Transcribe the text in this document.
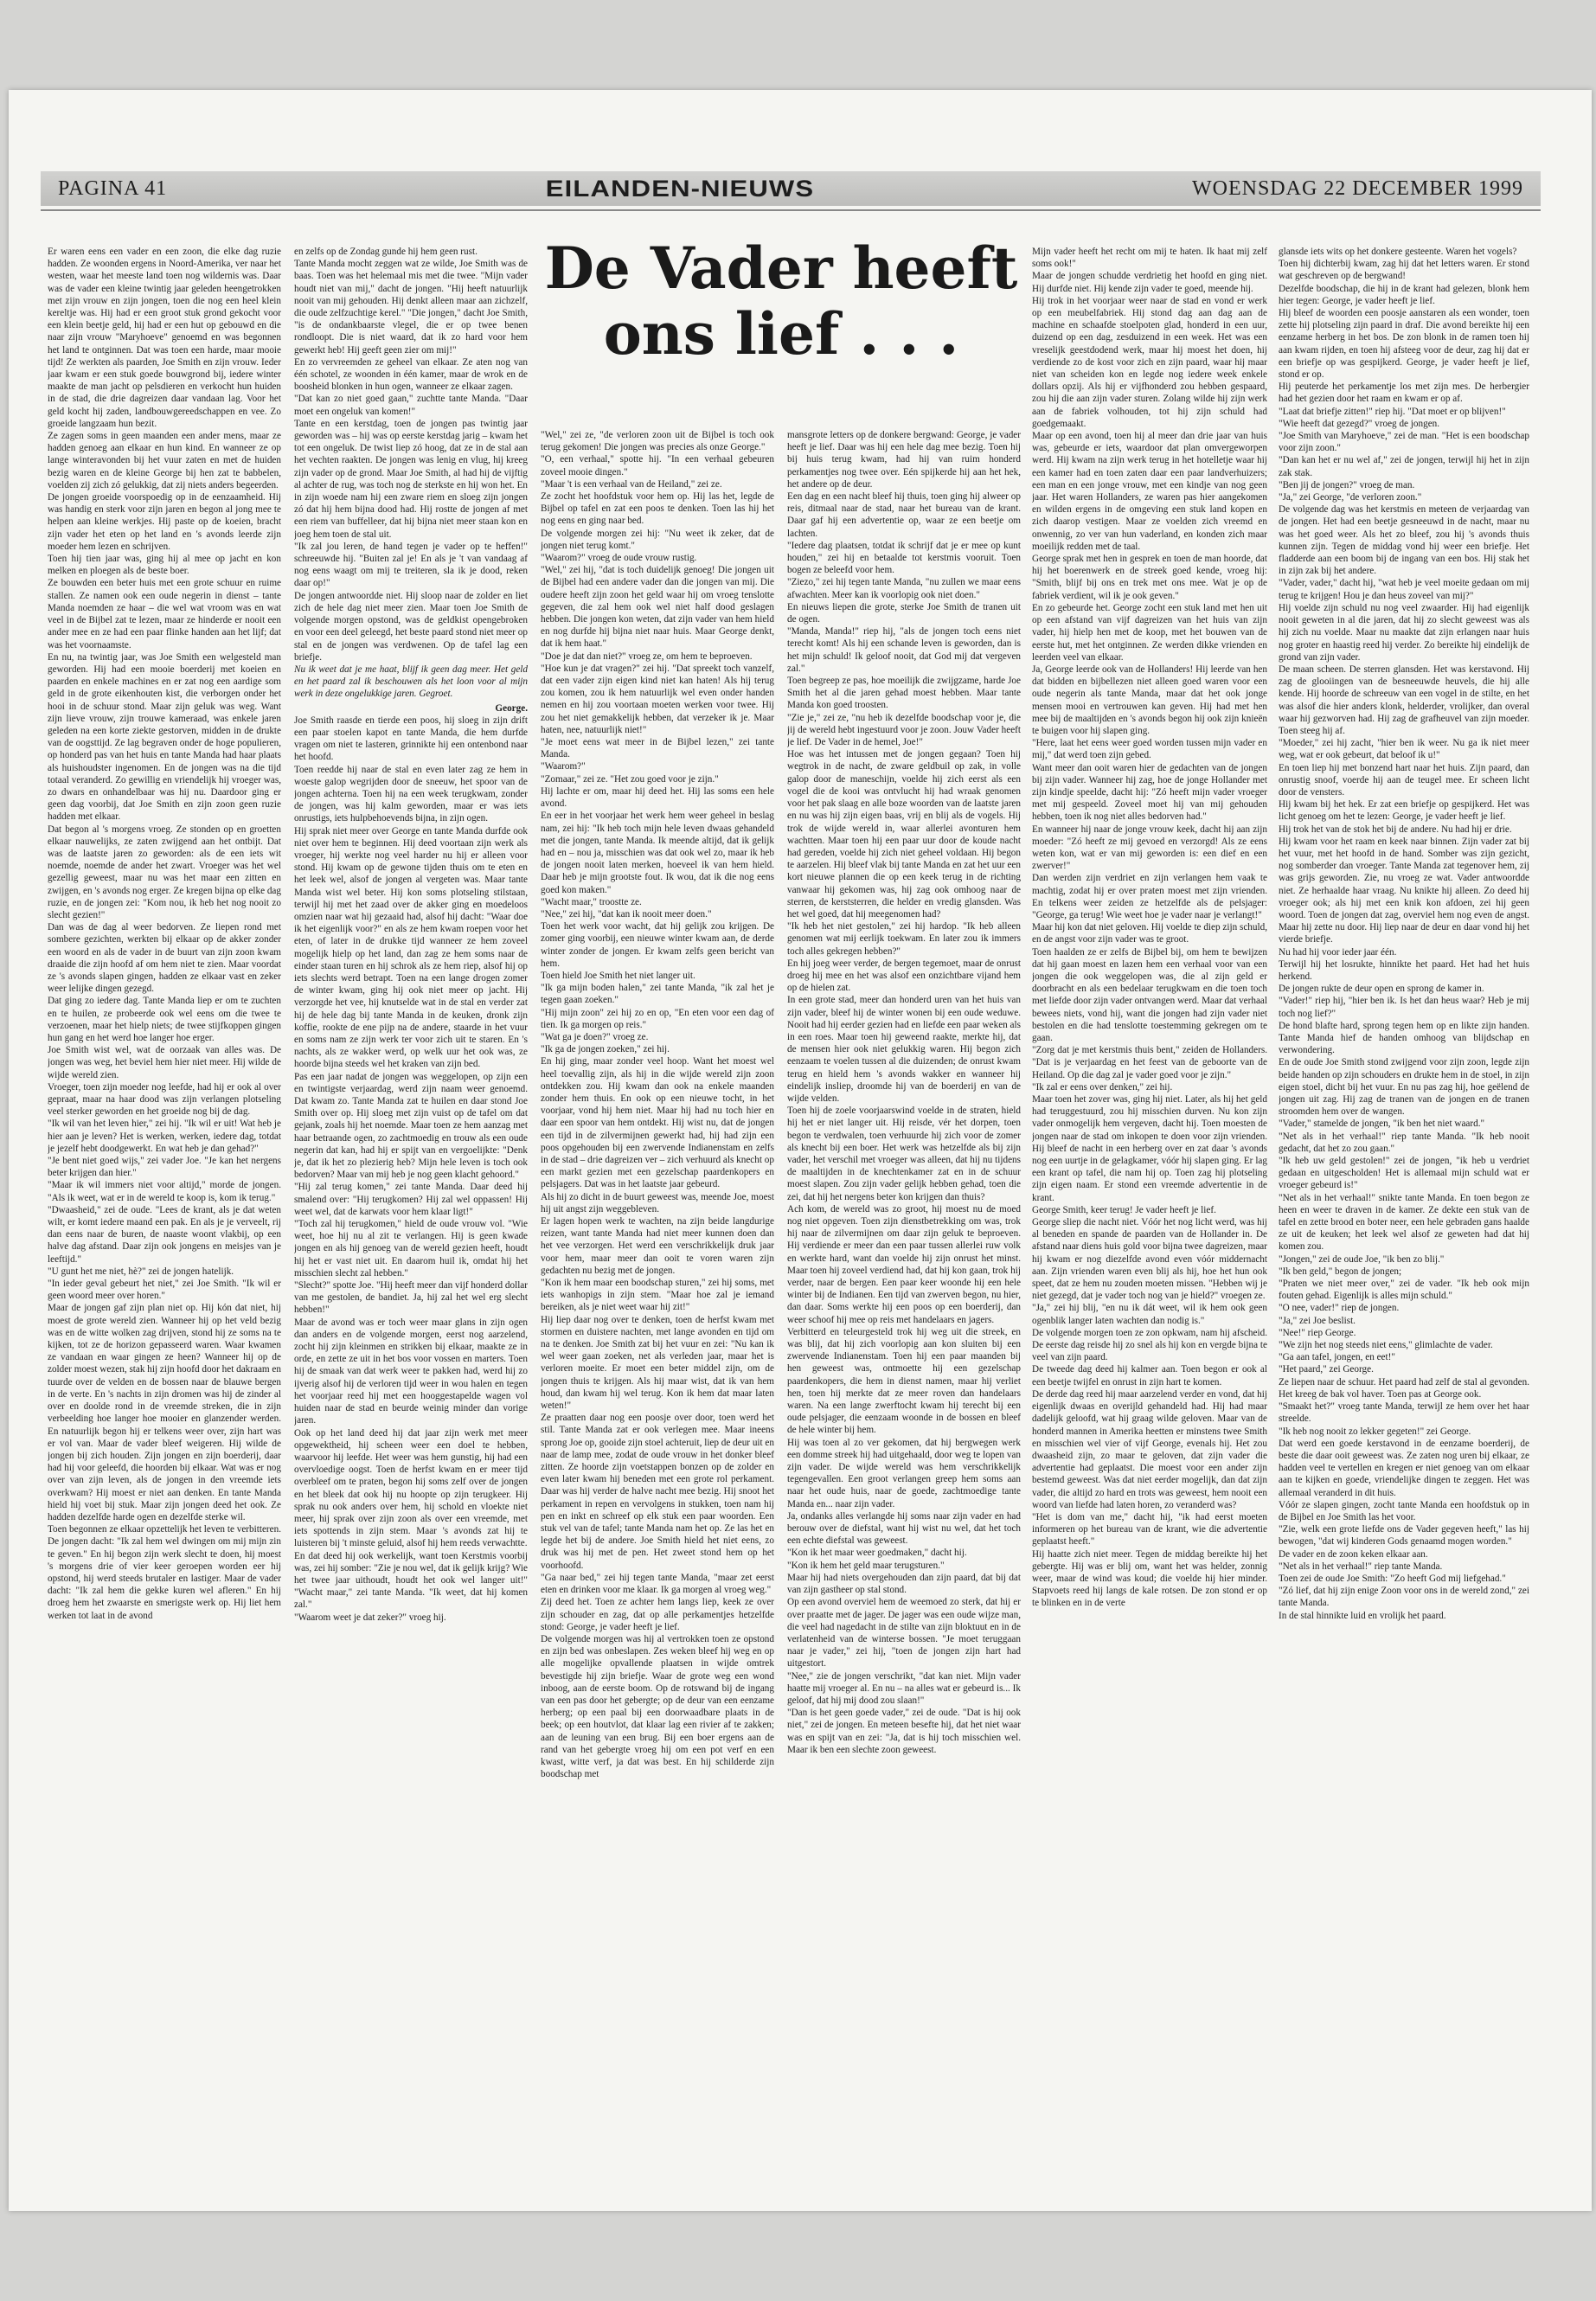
PAGINA 41	EILANDEN-NIEUWS	WOENSDAG 22 DECEMBER 1999
De Vader heeft ons lief . . .

Er waren eens een vader en een zoon, die elke dag ruzie hadden. Ze woonden ergens in Noord-Amerika, ver naar het westen, waar het meeste land toen nog wildernis was. Daar was de vader een kleine twintig jaar geleden heengetrokken met zijn vrouw en zijn jongen, toen die nog een heel klein kereltje was. Hij had er een groot stuk grond gekocht voor een klein beetje geld, hij had er een hut op gebouwd en die naar zijn vrouw "Maryhoeve" genoemd en was begonnen het land te ontginnen. Dat was toen een harde, maar mooie tijd! Ze werkten als paarden, Joe Smith en zijn vrouw. Ieder jaar kwam er een stuk goede bouwgrond bij, iedere winter maakte de man jacht op pelsdieren en verkocht hun huiden in de stad, die drie dagreizen daar vandaan lag. Voor het geld kocht hij zaden, landbouwgereedschappen en vee. Zo groeide langzaam hun bezit.

Ze zagen soms in geen maanden een ander mens, maar ze hadden genoeg aan elkaar en hun kind. En wanneer ze op lange winteravonden bij het vuur zaten en met de huiden bezig waren en de kleine George bij hen zat te babbelen, voelden zij zich zó gelukkig, dat zij niets anders begeerden.

De jongen groeide voorspoedig op in de eenzaamheid. Hij was handig en sterk voor zijn jaren en begon al jong mee te helpen aan kleine werkjes. Hij paste op de koeien, bracht zijn vader het eten op het land en 's avonds leerde zijn moeder hem lezen en schrijven.

Toen hij tien jaar was, ging hij al mee op jacht en kon melken en ploegen als de beste boer.

Ze bouwden een beter huis met een grote schuur en ruime stallen. Ze namen ook een oude negerin in dienst – tante Manda noemden ze haar – die wel wat vroom was en wat veel in de Bijbel zat te lezen, maar ze hinderde er nooit een ander mee en ze had een paar flinke handen aan het lijf; dat was het voornaamste.

En nu, na twintig jaar, was Joe Smith een welgesteld man geworden. Hij had een mooie boerderij met koeien en paarden en enkele machines en er zat nog een aardige som geld in de grote eikenhouten kist, die verborgen onder het hooi in de schuur stond. Maar zijn geluk was weg. Want zijn lieve vrouw, zijn trouwe kameraad, was enkele jaren geleden na een korte ziekte gestorven, midden in de drukte van de oogsttijd. Ze lag begraven onder de hoge populieren, op honderd pas van het huis en tante Manda had haar plaats als huishoudster ingenomen. En de jongen was na die tijd totaal veranderd. Zo gewillig en vriendelijk hij vroeger was, zo dwars en onhandelbaar was hij nu. Daardoor ging er geen dag voorbij, dat Joe Smith en zijn zoon geen ruzie hadden met elkaar.

Dat begon al 's morgens vroeg. Ze stonden op en groetten elkaar nauwelijks, ze zaten zwijgend aan het ontbijt. Dat was de laatste jaren zo geworden: als de een iets wit noemde, noemde de ander het zwart. Vroeger was het wel gezellig geweest, maar nu was het maar een zitten en zwijgen, en 's avonds nog erger. Ze kregen bijna op elke dag ruzie, en de jongen zei: "Kom nou, ik heb het nog nooit zo slecht gezien!"

Dan was de dag al weer bedorven. Ze liepen rond met sombere gezichten, werkten bij elkaar op de akker zonder een woord en als de vader in de buurt van zijn zoon kwam draaide die zijn hoofd af om hem niet te zien. Maar voordat ze 's avonds slapen gingen, hadden ze elkaar vast en zeker weer lelijke dingen gezegd.

Dat ging zo iedere dag. Tante Manda liep er om te zuchten en te huilen, ze probeerde ook wel eens om die twee te verzoenen, maar het hielp niets; de twee stijfkoppen gingen hun gang en het werd hoe langer hoe erger.

Joe Smith wist wel, wat de oorzaak van alles was. De jongen was weg, het beviel hem hier niet meer. Hij wilde de wijde wereld zien.

Vroeger, toen zijn moeder nog leefde, had hij er ook al over gepraat, maar na haar dood was zijn verlangen plotseling veel sterker geworden en het groeide nog bij de dag.

"Ik wil van het leven hier," zei hij. "Ik wil er uit! Wat heb je hier aan je leven? Het is werken, werken, iedere dag, totdat je jezelf hebt doodgewerkt. En wat heb je dan gehad?"

"Je bent niet goed wijs," zei vader Joe. "Je kan het nergens beter krijgen dan hier."

"Maar ik wil immers niet voor altijd," morde de jongen. "Als ik weet, wat er in de wereld te koop is, kom ik terug."

"Dwaasheid," zei de oude. "Lees de krant, als je dat weten wilt, er komt iedere maand een pak. En als je je verveelt, rij dan eens naar de buren, de naaste woont vlakbij, op een halve dag afstand. Daar zijn ook jongens en meisjes van je leeftijd."

"U gunt het me niet, hè?" zei de jongen hatelijk.

"In ieder geval gebeurt het niet," zei Joe Smith. "Ik wil er geen woord meer over horen."

Maar de jongen gaf zijn plan niet op. Hij kón dat niet, hij moest de grote wereld zien. Wanneer hij op het veld bezig was en de witte wolken zag drijven, stond hij ze soms na te kijken, tot ze de horizon gepasseerd waren. Waar kwamen ze vandaan en waar gingen ze heen? Wanneer hij op de zolder moest wezen, stak hij zijn hoofd door het dakraam en tuurde over de velden en de bossen naar de blauwe bergen in de verte. En 's nachts in zijn dromen was hij de zinder al over en doolde rond in de vreemde streken, die in zijn verbeelding hoe langer hoe mooier en glanzender werden. En natuurlijk begon hij er telkens weer over, zijn hart was er vol van. Maar de vader bleef weigeren. Hij wilde de jongen bij zich houden. Zijn jongen en zijn boerderij, daar had hij voor geleefd, die hoorden bij elkaar. Wat was er nog over van zijn leven, als de jongen in den vreemde iets overkwam? Hij moest er niet aan denken. En tante Manda hield hij voet bij stuk. Maar zijn jongen deed het ook. Ze hadden dezelfde harde ogen en dezelfde sterke wil.

Toen begonnen ze elkaar opzettelijk het leven te verbitteren. De jongen dacht: "Ik zal hem wel dwingen om mij mijn zin te geven." En hij begon zijn werk slecht te doen, hij moest 's morgens drie of vier keer geroepen worden eer hij opstond, hij werd steeds brutaler en lastiger. Maar de vader dacht: "Ik zal hem die gekke kuren wel afleren." En hij droeg hem het zwaarste en smerigste werk op. Hij liet hem werken tot laat in de avond

en zelfs op de Zondag gunde hij hem geen rust.

Tante Manda mocht zeggen wat ze wilde, Joe Smith was de baas. Toen was het helemaal mis met die twee. "Mijn vader houdt niet van mij," dacht de jongen. "Hij heeft natuurlijk nooit van mij gehouden. Hij denkt alleen maar aan zichzelf, die oude zelfzuchtige kerel." "Die jongen," dacht Joe Smith, "is de ondankbaarste vlegel, die er op twee benen rondloopt. Die is niet waard, dat ik zo hard voor hem gewerkt heb! Hij geeft geen zier om mij!"

En zo vervreemden ze geheel van elkaar. Ze aten nog van één schotel, ze woonden in één kamer, maar de wrok en de boosheid blonken in hun ogen, wanneer ze elkaar zagen.

"Dat kan zo niet goed gaan," zuchtte tante Manda. "Daar moet een ongeluk van komen!"

Tante en een kerstdag, toen de jongen pas twintig jaar geworden was – hij was op eerste kerstdag jarig – kwam het tot een ongeluk. De twist liep zó hoog, dat ze in de stal aan het vechten raakten. De jongen was lenig en vlug, hij kreeg zijn vader op de grond. Maar Joe Smith, al had hij de vijftig al achter de rug, was toch nog de sterkste en hij won het. En in zijn woede nam hij een zware riem en sloeg zijn jongen zó dat hij hem bijna dood had. Hij rostte de jongen af met een riem van buffelleer, dat hij bijna niet meer staan kon en joeg hem toen de stal uit.

"Ik zal jou leren, de hand tegen je vader op te heffen!" schreeuwde hij. "Buiten zal je! En als je 't van vandaag af nog eens waagt om mij te treiteren, sla ik je dood, reken daar op!"

De jongen antwoordde niet. Hij sloop naar de zolder en liet zich de hele dag niet meer zien. Maar toen Joe Smith de volgende morgen opstond, was de geldkist opengebroken en voor een deel geleegd, het beste paard stond niet meer op stal en de jongen was verdwenen. Op de tafel lag een briefje.

Nu ik weet dat je me haat, blijf ik geen dag meer. Het geld en het paard zal ik beschouwen als het loon voor al mijn werk in deze ongelukkige jaren. Gegroet.

George.

Joe Smith raasde en tierde een poos, hij sloeg in zijn drift een paar stoelen kapot en tante Manda, die hem durfde vragen om niet te lasteren, grinnikte hij een ontenbond naar het hoofd.

Toen reedde hij naar de stal en even later zag ze hem in woeste galop wegrijden door de sneeuw, het spoor van de jongen achterna. Toen hij na een week terugkwam, zonder de jongen, was hij kalm geworden, maar er was iets onrustigs, iets hulpbehoevends bijna, in zijn ogen.

Hij sprak niet meer over George en tante Manda durfde ook niet over hem te beginnen. Hij deed voortaan zijn werk als vroeger, hij werkte nog veel harder nu hij er alleen voor stond. Hij kwam op de gewone tijden thuis om te eten en het leek wel, alsof de jongen al vergeten was. Maar tante Manda wist wel beter. Hij kon soms plotseling stilstaan, terwijl hij met het zaad over de akker ging en moedeloos omzien naar wat hij gezaaid had, alsof hij dacht: "Waar doe ik het eigenlijk voor?" en als ze hem kwam roepen voor het eten, of later in de drukke tijd wanneer ze hem zoveel mogelijk hielp op het land, dan zag ze hem soms naar de einder staan turen en hij schrok als ze hem riep, alsof hij op iets slechts werd betrapt. Toen na een lange drogen zomer de winter kwam, ging hij ook niet meer op jacht. Hij verzorgde het vee, hij knutselde wat in de stal en verder zat hij de hele dag bij tante Manda in de keuken, dronk zijn koffie, rookte de ene pijp na de andere, staarde in het vuur en soms nam ze zijn werk ter voor zich uit te staren. En 's nachts, als ze wakker werd, op welk uur het ook was, ze hoorde bijna steeds wel het kraken van zijn bed.

Pas een jaar nadat de jongen was weggelopen, op zijn een en twintigste verjaardag, werd zijn naam weer genoemd. Dat kwam zo. Tante Manda zat te huilen en daar stond Joe Smith over op. Hij sloeg met zijn vuist op de tafel om dat gejank, zoals hij het noemde. Maar toen ze hem aanzag met haar betraande ogen, zo zachtmoedig en trouw als een oude negerin dat kan, had hij er spijt van en vergoelijkte: "Denk je, dat ik het zo plezierig heb? Mijn hele leven is toch ook bedorven? Maar van mij heb je nog geen klacht gehoord."

"Hij zal terug komen," zei tante Manda. Daar deed hij smalend over: "Hij terugkomen? Hij zal wel oppassen! Hij weet wel, dat de karwats voor hem klaar ligt!"

"Toch zal hij terugkomen," hield de oude vrouw vol. "Wie weet, hoe hij nu al zit te verlangen. Hij is geen kwade jongen en als hij genoeg van de wereld gezien heeft, houdt hij het er vast niet uit. En daarom huil ik, omdat hij het misschien slecht zal hebben."

"Slecht?" spotte Joe. "Hij heeft meer dan vijf honderd dollar van me gestolen, de bandiet. Ja, hij zal het wel erg slecht hebben!"

Maar de avond was er toch weer maar glans in zijn ogen dan anders en de volgende morgen, eerst nog aarzelend, zocht hij zijn kleinmen en strikken bij elkaar, maakte ze in orde, en zette ze uit in het bos voor vossen en marters. Toen hij de smaak van dat werk weer te pakken had, werd hij zo ijverig alsof hij de verloren tijd weer in wou halen en tegen het voorjaar reed hij met een hooggestapelde wagen vol huiden naar de stad en beurde weinig minder dan vorige jaren.

Ook op het land deed hij dat jaar zijn werk met meer opgewektheid, hij scheen weer een doel te hebben, waarvoor hij leefde. Het weer was hem gunstig, hij had een overvloedige oogst. Toen de herfst kwam en er meer tijd overbleef om te praten, begon hij soms zelf over de jongen en het bleek dat ook hij nu hoopte op zijn terugkeer. Hij sprak nu ook anders over hem, hij schold en vloekte niet meer, hij sprak over zijn zoon als over een vreemde, met iets spottends in zijn stem. Maar 's avonds zat hij te luisteren bij 't minste geluid, alsof hij hem reeds verwachtte.

En dat deed hij ook werkelijk, want toen Kerstmis voorbij was, zei hij somber: "Zie je nou wel, dat ik gelijk krijg? Wie het twee jaar uithoudt, houdt het ook wel langer uit!" "Wacht maar," zei tante Manda. "Ik weet, dat hij komen zal."

"Waarom weet je dat zeker?" vroeg hij.

"Wel," zei ze, "de verloren zoon uit de Bijbel is toch ook terug gekomen! Die jongen was precies als onze George."

"O, een verhaal," spotte hij. "In een verhaal gebeuren zoveel mooie dingen."

"Maar 't is een verhaal van de Heiland," zei ze.

Ze zocht het hoofdstuk voor hem op. Hij las het, legde de Bijbel op tafel en zat een poos te denken. Toen las hij het nog eens en ging naar bed.

De volgende morgen zei hij: "Nu weet ik zeker, dat de jongen niet terug komt."

"Waarom?" vroeg de oude vrouw rustig.

"Wel," zei hij, "dat is toch duidelijk genoeg! Die jongen uit de Bijbel had een andere vader dan die jongen van mij. Die oudere heeft zijn zoon het geld waar hij om vroeg tenslotte gegeven, die zal hem ook wel niet half dood geslagen hebben. Die jongen kon weten, dat zijn vader van hem hield en nog durfde hij bijna niet naar huis. Maar George denkt, dat ik hem haat."

"Doe je dat dan niet?" vroeg ze, om hem te beproeven.

"Hoe kun je dat vragen?" zei hij. "Dat spreekt toch vanzelf, dat een vader zijn eigen kind niet kan haten! Als hij terug zou komen, zou ik hem natuurlijk wel even onder handen nemen en hij zou voortaan moeten werken voor twee. Hij zou het niet gemakkelijk hebben, dat verzeker ik je. Maar haten, nee, natuurlijk niet!"

"Je moet eens wat meer in de Bijbel lezen," zei tante Manda.

"Waarom?"

"Zomaar," zei ze. "Het zou goed voor je zijn."

Hij lachte er om, maar hij deed het. Hij las soms een hele avond.

En eer in het voorjaar het werk hem weer geheel in beslag nam, zei hij: "Ik heb toch mijn hele leven dwaas gehandeld met die jongen, tante Manda. Ik meende altijd, dat ik gelijk had en – nou ja, misschien was dat ook wel zo, maar ik heb de jongen nooit laten merken, hoeveel ik van hem hield. Daar heb je mijn grootste fout. Ik wou, dat ik die nog eens goed kon maken."

"Wacht maar," troostte ze.

"Nee," zei hij, "dat kan ik nooit meer doen."

Toen het werk voor wacht, dat hij gelijk zou krijgen. De zomer ging voorbij, een nieuwe winter kwam aan, de derde winter zonder de jongen. Er kwam zelfs geen bericht van hem.

Toen hield Joe Smith het niet langer uit.

"Ik ga mijn boden halen," zei tante Manda, "ik zal het je tegen gaan zoeken."

"Hij mijn zoon" zei hij zo en op, "En eten voor een dag of tien. Ik ga morgen op reis."

"Wat ga je doen?" vroeg ze.

"Ik ga de jongen zoeken," zei hij.

En hij ging, maar zonder veel hoop. Want het moest wel heel toevallig zijn, als hij in die wijde wereld zijn zoon ontdekken zou. Hij kwam dan ook na enkele maanden zonder hem thuis. En ook op een nieuwe tocht, in het voorjaar, vond hij hem niet. Maar hij had nu toch hier en daar een spoor van hem ontdekt. Hij wist nu, dat de jongen een tijd in de zilvermijnen gewerkt had, hij had zijn een poos opgehouden bij een zwervende Indianenstam en zelfs in de stad – drie dagreizen ver – zich verhuurd als knecht op een markt gezien met een gezelschap paardenkopers en pelsjagers. Dat was in het laatste jaar gebeurd.

Als hij zo dicht in de buurt geweest was, meende Joe, moest hij uit angst zijn weggebleven.

Er lagen hopen werk te wachten, na zijn beide langdurige reizen, want tante Manda had niet meer kunnen doen dan het vee verzorgen. Het werd een verschrikkelijk druk jaar voor hem, maar meer dan ooit te voren waren zijn gedachten nu bezig met de jongen.

"Kon ik hem maar een boodschap sturen," zei hij soms, met iets wanhopigs in zijn stem. "Maar hoe zal je iemand bereiken, als je niet weet waar hij zit!"

Hij liep daar nog over te denken, toen de herfst kwam met stormen en duistere nachten, met lange avonden en tijd om na te denken. Joe Smith zat bij het vuur en zei: "Nu kan ik wel weer gaan zoeken, net als verleden jaar, maar het is verloren moeite. Er moet een beter middel zijn, om de jongen thuis te krijgen. Als hij maar wist, dat ik van hem houd, dan kwam hij wel terug. Kon ik hem dat maar laten weten!"

Ze praatten daar nog een poosje over door, toen werd het stil. Tante Manda zat er ook verlegen mee. Maar ineens sprong Joe op, gooide zijn stoel achteruit, liep de deur uit en naar de lamp mee, zodat de oude vrouw in het donker bleef zitten. Ze hoorde zijn voetstappen bonzen op de zolder en even later kwam hij beneden met een grote rol perkament. Daar was hij verder de halve nacht mee bezig. Hij snoot het perkament in repen en vervolgens in stukken, toen nam hij pen en inkt en schreef op elk stuk een paar woorden. Een stuk vel van de tafel; tante Manda nam het op. Ze las het en legde het bij de andere. Joe Smith hield het niet eens, zo druk was hij met de pen. Het zweet stond hem op het voorhoofd.

"Ga naar bed," zei hij tegen tante Manda, "maar zet eerst eten en drinken voor me klaar. Ik ga morgen al vroeg weg."

Zij deed het. Toen ze achter hem langs liep, keek ze over zijn schouder en zag, dat op alle perkamentjes hetzelfde stond: George, je vader heeft je lief.

De volgende morgen was hij al vertrokken toen ze opstond en zijn bed was onbeslapen. Zes weken bleef hij weg en op alle mogelijke opvallende plaatsen in wijde omtrek bevestigde hij zijn briefje. Waar de grote weg een wond inboog, aan de eerste boom. Op de rotswand bij de ingang van een pas door het gebergte; op de deur van een eenzame herberg; op een paal bij een doorwaadbare plaats in de beek; op een houtvlot, dat klaar lag een rivier af te zakken; aan de leuning van een brug. Bij een boer ergens aan de rand van het gebergte vroeg hij om een pot verf en een kwast, witte verf, ja dat was best. En hij schilderde zijn boodschap met

mansgrote letters op de donkere bergwand: George, je vader heeft je lief. Daar was hij een hele dag mee bezig. Toen hij bij huis terug kwam, had hij van ruim honderd perkamentjes nog twee over. Eén spijkerde hij aan het hek, het andere op de deur.

Een dag en een nacht bleef hij thuis, toen ging hij alweer op reis, ditmaal naar de stad, naar het bureau van de krant. Daar gaf hij een advertentie op, waar ze een beetje om lachten.

"Iedere dag plaatsen, totdat ik schrijf dat je er mee op kunt houden," zei hij en betaalde tot kerstmis vooruit. Toen bogen ze beleefd voor hem.

"Ziezo," zei hij tegen tante Manda, "nu zullen we maar eens afwachten. Meer kan ik voorlopig ook niet doen."

En nieuws liepen die grote, sterke Joe Smith de tranen uit de ogen.

"Manda, Manda!" riep hij, "als de jongen toch eens niet terecht komt! Als hij een schande leven is geworden, dan is het mijn schuld! Ik geloof nooit, dat God mij dat vergeven zal."

Toen begreep ze pas, hoe moeilijk die zwijgzame, harde Joe Smith het al die jaren gehad moest hebben. Maar tante Manda kon goed troosten.

"Zie je," zei ze, "nu heb ik dezelfde boodschap voor je, die jij de wereld hebt ingestuurd voor je zoon. Jouw Vader heeft je lief. De Vader in de hemel, Joe!"

Hoe was het intussen met de jongen gegaan? Toen hij wegtrok in de nacht, de zware geldbuil op zak, in volle galop door de maneschijn, voelde hij zich eerst als een vogel die de kooi was ontvlucht hij had wraak genomen voor het pak slaag en alle boze woorden van de laatste jaren en nu was hij zijn eigen baas, vrij en blij als de vogels. Hij trok de wijde wereld in, waar allerlei avonturen hem wachtten. Maar toen hij een paar uur door de koude nacht had gereden, voelde hij zich niet geheel voldaan. Hij begon te aarzelen. Hij bleef vlak bij tante Manda en zat het uur een kort nieuwe plannen die op een keek terug in de richting vanwaar hij gekomen was, hij zag ook omhoog naar de sterren, de kerststerren, die helder en vredig glansden. Was het wel goed, dat hij meegenomen had?

"Ik heb het niet gestolen," zei hij hardop. "Ik heb alleen genomen wat mij eerlijk toekwam. En later zou ik immers toch alles gekregen hebben?"

En hij joeg weer verder, de bergen tegemoet, maar de onrust droeg hij mee en het was alsof een onzichtbare vijand hem op de hielen zat.

In een grote stad, meer dan honderd uren van het huis van zijn vader, bleef hij de winter wonen bij een oude weduwe. Nooit had hij eerder gezien had en liefde een paar weken als in een roes. Maar toen hij geweend raakte, merkte hij, dat de mensen hier ook niet gelukkig waren. Hij begon zich eenzaam te voelen tussen al die duizenden; de onrust kwam terug en hield hem 's avonds wakker en wanneer hij eindelijk insliep, droomde hij van de boerderij en van de wijde velden.

Toen hij de zoele voorjaarswind voelde in de straten, hield hij het er niet langer uit. Hij reisde, vér het dorpen, toen begon te verdwalen, toen verhuurde hij zich voor de zomer als knecht bij een boer. Het werk was hetzelfde als bij zijn vader, het verschil met vroeger was alleen, dat hij nu tijdens de maaltijden in de knechtenkamer zat en in de schuur moest slapen. Zou zijn vader gelijk hebben gehad, toen die zei, dat hij het nergens beter kon krijgen dan thuis?

Ach kom, de wereld was zo groot, hij moest nu de moed nog niet opgeven. Toen zijn dienstbetrekking om was, trok hij naar de zilvermijnen om daar zijn geluk te beproeven. Hij verdiende er meer dan een paar tussen allerlei ruw volk en werkte hard, want dan voelde hij zijn onrust het minst. Maar toen hij zoveel verdiend had, dat hij kon gaan, trok hij verder, naar de bergen. Een paar keer woonde hij een hele winter bij de Indianen. Een tijd van zwerven begon, nu hier, dan daar. Soms werkte hij een poos op een boerderij, dan weer schoof hij mee op reis met handelaars en jagers.

Verbitterd en teleurgesteld trok hij weg uit die streek, en was blij, dat hij zich voorlopig aan kon sluiten bij een zwervende Indianenstam. Toen hij een paar maanden bij hen geweest was, ontmoette hij een gezelschap paardenkopers, die hem in dienst namen, maar hij verliet hen, toen hij merkte dat ze meer roven dan handelaars waren. Na een lange zwerftocht kwam hij terecht bij een oude pelsjager, die eenzaam woonde in de bossen en bleef de hele winter bij hem.

Hij was toen al zo ver gekomen, dat hij bergwegen werk een domme streek hij had uitgehaald, door weg te lopen van zijn vader. De wijde wereld was hem verschrikkelijk tegengevallen. Een groot verlangen greep hem soms aan naar het oude huis, naar de goede, zachtmoedige tante Manda en... naar zijn vader.

Ja, ondanks alles verlangde hij soms naar zijn vader en had berouw over de diefstal, want hij wist nu wel, dat het toch een echte diefstal was geweest.

"Kon ik het maar weer goedmaken," dacht hij.

"Kon ik hem het geld maar terugsturen."

Maar hij had niets overgehouden dan zijn paard, dat bij dat van zijn gastheer op stal stond.

Op een avond overviel hem de weemoed zo sterk, dat hij er over praatte met de jager. De jager was een oude wijze man, die veel had nagedacht in de stilte van zijn bloktuut en in de verlatenheid van de winterse bossen. "Je moet teruggaan naar je vader," zei hij, "toen de jongen zijn hart had uitgestort.

"Nee," zie de jongen verschrikt, "dat kan niet. Mijn vader haatte mij vroeger al. En nu – na alles wat er gebeurd is... Ik geloof, dat hij mij dood zou slaan!"

"Dan is het geen goede vader," zei de oude. "Dat is hij ook niet," zei de jongen. En meteen besefte hij, dat het niet waar was en spijt van en zei: "Ja, dat is hij toch misschien wel. Maar ik ben een slechte zoon geweest.

Mijn vader heeft het recht om mij te haten. Ik haat mij zelf soms ook!"

Maar de jongen schudde verdrietig het hoofd en ging niet. Hij durfde niet. Hij kende zijn vader te goed, meende hij.

Hij trok in het voorjaar weer naar de stad en vond er werk op een meubelfabriek. Hij stond dag aan dag aan de machine en schaafde stoelpoten glad, honderd in een uur, duizend op een dag, zesduizend in een week. Het was een vreselijk geestdodend werk, maar hij moest het doen, hij verdiende zo de kost voor zich en zijn paard, waar hij maar niet van scheiden kon en legde nog iedere week enkele dollars opzij. Als hij er vijfhonderd zou hebben gespaard, zou hij die aan zijn vader sturen. Zolang wilde hij zijn werk aan de fabriek volhouden, tot hij zijn schuld had goedgemaakt.

Maar op een avond, toen hij al meer dan drie jaar van huis was, gebeurde er iets, waardoor dat plan omvergeworpen werd. Hij kwam na zijn werk terug in het hotelletje waar hij een kamer had en toen zaten daar een paar landverhuizers; een man en een jonge vrouw, met een kindje van nog geen jaar. Het waren Hollanders, ze waren pas hier aangekomen en wilden ergens in de omgeving een stuk land kopen en zich daarop vestigen. Maar ze voelden zich vreemd en onwennig, zo ver van hun vaderland, en konden zich maar moeilijk redden met de taal.

George sprak met hen in gesprek en toen de man hoorde, dat hij het boerenwerk en de streek goed kende, vroeg hij: "Smith, blijf bij ons en trek met ons mee. Wat je op de fabriek verdient, wil ik je ook geven."

En zo gebeurde het. George zocht een stuk land met hen uit op een afstand van vijf dagreizen van het huis van zijn vader, hij hielp hen met de koop, met het bouwen van de eerste hut, met het ontginnen. Ze werden dikke vrienden en leerden veel van elkaar.

Ja, George leerde ook van de Hollanders! Hij leerde van hen dat bidden en bijbellezen niet alleen goed waren voor een oude negerin als tante Manda, maar dat het ook jonge mensen mooi en vertrouwen kan geven. Hij had met hen mee bij de maaltijden en 's avonds begon hij ook zijn knieën te buigen voor hij slapen ging.

"Here, laat het eens weer goed worden tussen mijn vader en mij," dat werd toen zijn gebed.

Want meer dan ooit waren hier de gedachten van de jongen bij zijn vader. Wanneer hij zag, hoe de jonge Hollander met zijn kindje speelde, dacht hij: "Zó heeft mijn vader vroeger met mij gespeeld. Zoveel moet hij van mij gehouden hebben, toen ik nog niet alles bedorven had."

En wanneer hij naar de jonge vrouw keek, dacht hij aan zijn moeder: "Zó heeft ze mij gevoed en verzorgd! Als ze eens weten kon, wat er van mij geworden is: een dief en een zwerver!"

Dan werden zijn verdriet en zijn verlangen hem vaak te machtig, zodat hij er over praten moest met zijn vrienden. En telkens weer zeiden ze hetzelfde als de pelsjager: "George, ga terug! Wie weet hoe je vader naar je verlangt!"

Maar hij kon dat niet geloven. Hij voelde te diep zijn schuld, en de angst voor zijn vader was te groot.

Toen haalden ze er zelfs de Bijbel bij, om hem te bewijzen dat hij gaan moest en lazen hem een verhaal voor van een jongen die ook weggelopen was, die al zijn geld er doorbracht en als een bedelaar terugkwam en die toen toch met liefde door zijn vader ontvangen werd. Maar dat verhaal bewees niets, vond hij, want die jongen had zijn vader niet bestolen en die had tenslotte toestemming gekregen om te gaan.

"Zorg dat je met kerstmis thuis bent," zeiden de Hollanders. "Dat is je verjaardag en het feest van de geboorte van de Heiland. Op die dag zal je vader goed voor je zijn."

"Ik zal er eens over denken," zei hij.

Maar toen het zover was, ging hij niet. Later, als hij het geld had teruggestuurd, zou hij misschien durven. Nu kon zijn vader onmogelijk hem vergeven, dacht hij. Toen moesten de jongen naar de stad om inkopen te doen voor zijn vrienden. Hij bleef de nacht in een herberg over en zat daar 's avonds nog een uurtje in de gelagkamer, vóór hij slapen ging. Er lag een krant op tafel, die nam hij op. Toen zag hij plotseling zijn eigen naam. Er stond een vreemde advertentie in de krant.

George Smith, keer terug! Je vader heeft je lief.

George sliep die nacht niet. Vóór het nog licht werd, was hij al beneden en spande de paarden van de Hollander in. De afstand naar diens huis gold voor bijna twee dagreizen, maar hij kwam er nog diezelfde avond even vóór middernacht aan. Zijn vrienden waren even blij als hij, hoe het hun ook speet, dat ze hem nu zouden moeten missen. "Hebben wij je niet gezegd, dat je vader toch nog van je hield?" vroegen ze.

"Ja," zei hij blij, "en nu ik dát weet, wil ik hem ook geen ogenblik langer laten wachten dan nodig is."

De volgende morgen toen ze zon opkwam, nam hij afscheid. De eerste dag reisde hij zo snel als hij kon en vergde bijna te veel van zijn paard.

De tweede dag deed hij kalmer aan. Toen begon er ook al een beetje twijfel en onrust in zijn hart te komen.

De derde dag reed hij maar aarzelend verder en vond, dat hij eigenlijk dwaas en overijld gehandeld had. Hij had maar dadelijk geloofd, wat hij graag wilde geloven. Maar van de honderd mannen in Amerika heetten er minstens twee Smith en misschien wel vier of vijf George, evenals hij. Het zou dwaasheid zijn, zo maar te geloven, dat zijn vader die advertentie had geplaatst. Die moest voor een ander zijn bestemd geweest. Was dat niet eerder mogelijk, dan dat zijn vader, die altijd zo hard en trots was geweest, hem nooit een woord van liefde had laten horen, zo veranderd was?

"Het is dom van me," dacht hij, "ik had eerst moeten informeren op het bureau van de krant, wie die advertentie geplaatst heeft."

Hij haatte zich niet meer. Tegen de middag bereikte hij het gebergte. Hij was er blij om, want het was helder, zonnig weer, maar de wind was koud; die voelde hij hier minder. Stapvoets reed hij langs de kale rotsen. De zon stond er op te blinken en in de verte

glansde iets wits op het donkere gesteente. Waren het vogels?

Toen hij dichterbij kwam, zag hij dat het letters waren. Er stond wat geschreven op de bergwand!

Dezelfde boodschap, die hij in de krant had gelezen, blonk hem hier tegen: George, je vader heeft je lief.

Hij bleef de woorden een poosje aanstaren als een wonder, toen zette hij plotseling zijn paard in draf. Die avond bereikte hij een eenzame herberg in het bos. De zon blonk in de ramen toen hij aan kwam rijden, en toen hij afsteeg voor de deur, zag hij dat er een briefje op was gespijkerd. George, je vader heeft je lief, stond er op.

Hij peuterde het perkamentje los met zijn mes. De herbergier had het gezien door het raam en kwam er op af.

"Laat dat briefje zitten!" riep hij. "Dat moet er op blijven!"

"Wie heeft dat gezegd?" vroeg de jongen.

"Joe Smith van Maryhoeve," zei de man. "Het is een boodschap voor zijn zoon."

"Dan kan het er nu wel af," zei de jongen, terwijl hij het in zijn zak stak.

"Ben jij de jongen?" vroeg de man.

"Ja," zei George, "de verloren zoon."

De volgende dag was het kerstmis en meteen de verjaardag van de jongen. Het had een beetje gesneeuwd in de nacht, maar nu was het goed weer. Als het zo bleef, zou hij 's avonds thuis kunnen zijn. Tegen de middag vond hij weer een briefje. Het fladderde aan een boom bij de ingang van een bos. Hij stak het in zijn zak bij het andere.

"Vader, vader," dacht hij, "wat heb je veel moeite gedaan om mij terug te krijgen! Hou je dan heus zoveel van mij?"

Hij voelde zijn schuld nu nog veel zwaarder. Hij had eigenlijk nooit geweten in al die jaren, dat hij zo slecht geweest was als hij zich nu voelde. Maar nu maakte dat zijn erlangen naar huis nog groter en haastig reed hij verder. Zo bereikte hij eindelijk de grond van zijn vader.

De maan scheen. De sterren glansden. Het was kerstavond. Hij zag de glooiingen van de besneeuwde heuvels, die hij alle kende. Hij hoorde de schreeuw van een vogel in de stilte, en het was alsof die hier anders klonk, helderder, vrolijker, dan overal waar hij gezworven had. Hij zag de grafheuvel van zijn moeder. Toen steeg hij af.

"Moeder," zei hij zacht, "hier ben ik weer. Nu ga ik niet meer weg, wat er ook gebeurt, dat beloof ik u!"

En toen liep hij met bonzend hart naar het huis. Zijn paard, dan onrustig snoof, voerde hij aan de teugel mee. Er scheen licht door de vensters.

Hij kwam bij het hek. Er zat een briefje op gespijkerd. Het was licht genoeg om het te lezen: George, je vader heeft je lief.

Hij trok het van de stok het bij de andere. Nu had hij er drie.

Hij kwam voor het raam en keek naar binnen. Zijn vader zat bij het vuur, met het hoofd in de hand. Somber was zijn gezicht, nog somberder dan vroeger. Tante Manda zat tegenover hem, zij was grijs geworden. Zie, nu vroeg ze wat. Vader antwoordde niet. Ze herhaalde haar vraag. Nu knikte hij alleen. Zo deed hij vroeger ook; als hij met een knik kon afdoen, zei hij geen woord. Toen de jongen dat zag, overviel hem nog even de angst. Maar hij zette nu door. Hij liep naar de deur en daar vond hij het vierde briefje.

Nu had hij voor ieder jaar één.

Terwijl hij het losrukte, hinnikte het paard. Het had het huis herkend.

De jongen rukte de deur open en sprong de kamer in.

"Vader!" riep hij, "hier ben ik. Is het dan heus waar? Heb je mij toch nog lief?"

De hond blafte hard, sprong tegen hem op en likte zijn handen. Tante Manda hief de handen omhoog van blijdschap en verwondering.

En de oude Joe Smith stond zwijgend voor zijn zoon, legde zijn beide handen op zijn schouders en drukte hem in de stoel, in zijn eigen stoel, dicht bij het vuur. En nu pas zag hij, hoe geëlend de jongen uit zag. Hij zag de tranen van de jongen en de tranen stroomden hem over de wangen.

"Vader," stamelde de jongen, "ik ben het niet waard."

"Net als in het verhaal!" riep tante Manda. "Ik heb nooit gedacht, dat het zo zou gaan."

"Ik heb uw geld gestolen!" zei de jongen, "ik heb u verdriet gedaan en uitgescholden! Het is allemaal mijn schuld wat er vroeger gebeurd is!"

"Net als in het verhaal!" snikte tante Manda. En toen begon ze heen en weer te draven in de kamer. Ze dekte een stuk van de tafel en zette brood en boter neer, een hele gebraden gans haalde ze uit de keuken; het leek wel alsof ze geweten had dat hij komen zou.

"Jongen," zei de oude Joe, "ik ben zo blij."

"Ik ben geld," begon de jongen;

"Praten we niet meer over," zei de vader. "Ik heb ook mijn fouten gehad. Eigenlijk is alles mijn schuld."

"O nee, vader!" riep de jongen.

"Ja," zei Joe beslist.

"Nee!" riep George.

"We zijn het nog steeds niet eens," glimlachte de vader.

"Ga aan tafel, jongen, en eet!"

"Het paard," zei George.

Ze liepen naar de schuur. Het paard had zelf de stal al gevonden. Het kreeg de bak vol haver. Toen pas at George ook.

"Smaakt het?" vroeg tante Manda, terwijl ze hem over het haar streelde.

"Ik heb nog nooit zo lekker gegeten!" zei George.

Dat werd een goede kerstavond in de eenzame boerderij, de beste die daar ooit geweest was. Ze zaten nog uren bij elkaar, ze hadden veel te vertellen en kregen er niet genoeg van om elkaar aan te kijken en goede, vriendelijke dingen te zeggen. Het was allemaal veranderd in dit huis.

Vóór ze slapen gingen, zocht tante Manda een hoofdstuk op in de Bijbel en Joe Smith las het voor.

"Zie, welk een grote liefde ons de Vader gegeven heeft," las hij bewogen, "dat wij kinderen Gods genaamd mogen worden."

De vader en de zoon keken elkaar aan.

"Net als in het verhaal!" riep tante Manda.

Toen zei de oude Joe Smith: "Zo heeft God mij liefgehad."

"Zó lief, dat hij zijn enige Zoon voor ons in de wereld zond," zei tante Manda.

In de stal hinnikte luid en vrolijk het paard.
